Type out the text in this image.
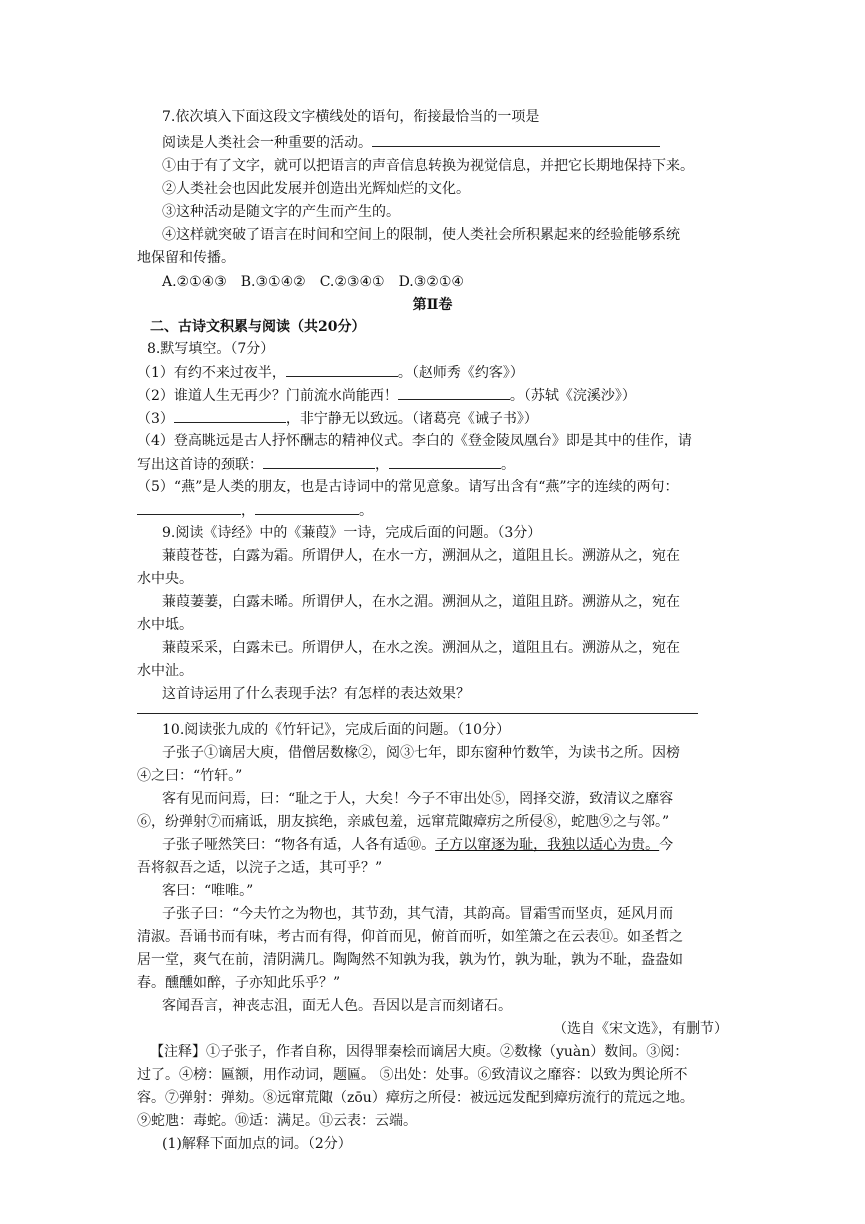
7.依次填入下面这段文字横线处的语句，衔接最恰当的一项是
阅读是人类社会一种重要的活动。
①由于有了文字，就可以把语言的声音信息转换为视觉信息，并把它长期地保持下来。
②人类社会也因此发展并创造出光辉灿烂的文化。
③这种活动是随文字的产生而产生的。
④这样就突破了语言在时间和空间上的限制，使人类社会所积累起来的经验能够系统
地保留和传播。
A.②①④③　B.③①④②　C.②③④①　D.③②①④
第Ⅱ卷
二、古诗文积累与阅读（共20分）
8.默写填空。（7分）
（1）有约不来过夜半，	。（赵师秀《约客》）
（2）谁道人生无再少？门前流水尚能西！	。（苏轼《浣溪沙》）
（3）	，非宁静无以致远。（诸葛亮《诫子书》）
（4）登高眺远是古人抒怀酬志的精神仪式。李白的《登金陵凤凰台》即是其中的佳作，请
写出这首诗的颈联：	，	。
（5）“燕”是人类的朋友，也是古诗词中的常见意象。请写出含有“燕”字的连续的两句：
，	。
9.阅读《诗经》中的《蒹葭》一诗，完成后面的问题。（3分）
蒹葭苍苍，白露为霜。所谓伊人，在水一方，溯洄从之，道阻且长。溯游从之，宛在
水中央。
蒹葭萋萋，白露未晞。所谓伊人，在水之湄。溯洄从之，道阻且跻。溯游从之，宛在
水中坻。
蒹葭采采，白露未已。所谓伊人，在水之涘。溯洄从之，道阻且右。溯游从之，宛在
水中沚。
这首诗运用了什么表现手法？有怎样的表达效果？
10.阅读张九成的《竹轩记》，完成后面的问题。（10分）
子张子①谪居大庾，借僧居数椽②，阅③七年，即东窗种竹数竿，为读书之所。因榜
④之曰：“竹轩。”
客有见而问焉，曰：“耻之于人，大矣！今子不审出处⑤，罔择交游，致清议之靡容
⑥，纷弹射⑦而痛诋，朋友摈绝，亲戚包羞，远窜荒陬瘴疠之所侵⑧，蛇虺⑨之与邻。”
子张子哑然笑曰：“物各有适，人各有适⑩。子方以窜逐为耻，我独以适心为贵。今
吾将叙吾之适，以浣子之适，其可乎？”
客曰：“唯唯。”
子张子曰：“今夫竹之为物也，其节劲，其气清，其韵高。冒霜雪而坚贞，延风月而
清淑。吾诵书而有味，考古而有得，仰首而见，俯首而听，如笙箫之在云表⑪。如圣哲之
居一堂，爽气在前，清阴满几。陶陶然不知孰为我，孰为竹，孰为耻，孰为不耻，盎盎如
春。醺醺如醉，子亦知此乐乎？”
客闻吾言，神丧志沮，面无人色。吾因以是言而刻诸石。
（选自《宋文选》，有删节）
【注释】①子张子，作者自称，因得罪秦桧而谪居大庾。②数椽（yuàn）数间。③阅：
过了。④榜：匾额，用作动词，题匾。 ⑤出处：处事。⑥致清议之靡容：以致为舆论所不
容。⑦弹射：弹劾。⑧远窜荒陬（zōu）瘴疠之所侵：被远远发配到瘴疠流行的荒远之地。
⑨蛇虺：毒蛇。⑩适：满足。⑪云表：云端。
(1)解释下面加点的词。（2分）
